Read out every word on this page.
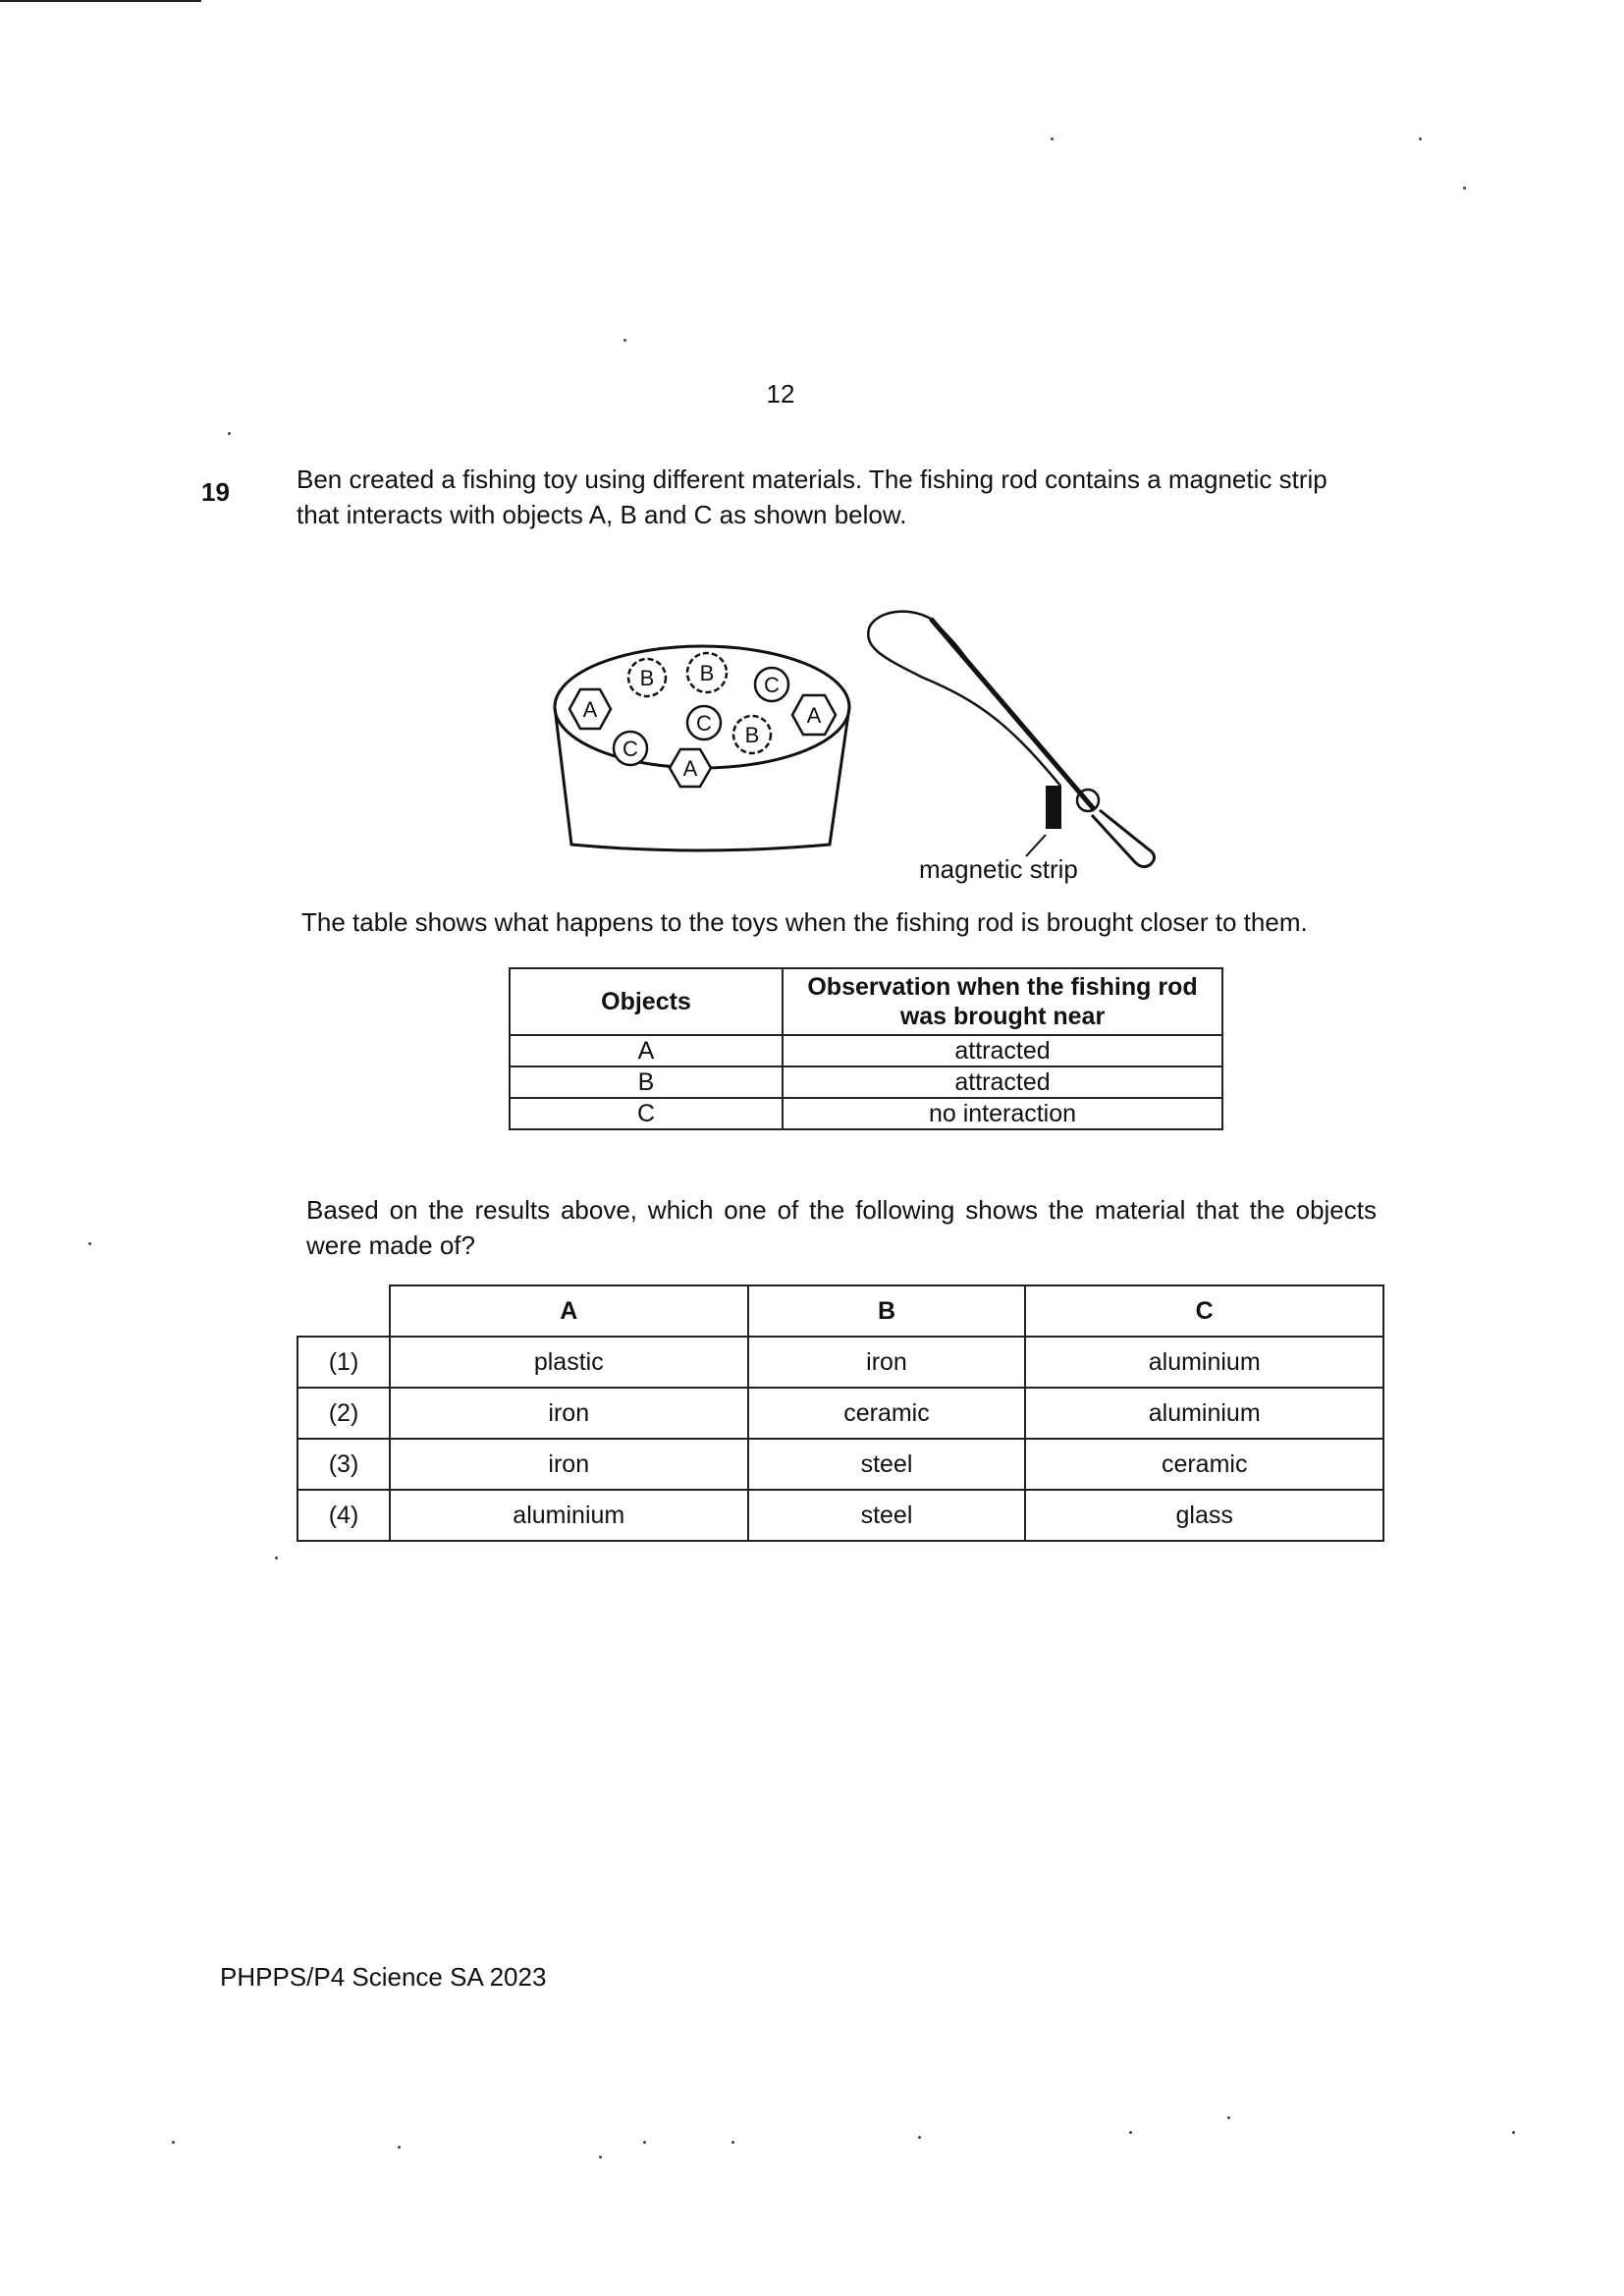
12
19	Ben created a fishing toy using different materials. The fishing rod contains a magnetic strip that interacts with objects A, B and C as shown below.
A
B B C
C B
A
C
A
magnetic strip
The table shows what happens to the toys when the fishing rod is brought closer to them.
Objects	Observation when the fishing rod was brought near
A	attracted
B	attracted
C	no interaction
Based on the results above, which one of the following shows the material that the objects were made of?
	A	B	C
(1)	plastic	iron	aluminium
(2)	iron	ceramic	aluminium
(3)	iron	steel	ceramic
(4)	aluminium	steel	glass
PHPPS/P4 Science SA 2023
